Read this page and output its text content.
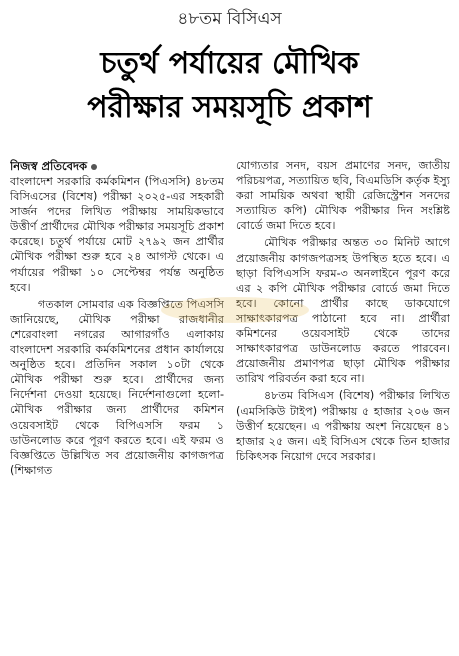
৪৮তম বিসিএস
চতুর্থ পর্যায়ের মৌখিক
পরীক্ষার সময়সূচি প্রকাশ
নিজস্ব প্রতিবেদক

বাংলাদেশ সরকারি কর্মকমিশন (পিএসসি) ৪৮তম বিসিএসের (বিশেষ) পরীক্ষা ২০২৫-এর সহকারী সার্জন পদের লিখিত পরীক্ষায় সাময়িকভাবে উত্তীর্ণ প্রার্থীদের মৌখিক পরীক্ষার সময়সূচি প্রকাশ করেছে। চতুর্থ পর্যায়ে মোট ২৭৯২ জন প্রার্থীর মৌখিক পরীক্ষা শুরু হবে ২৪ আগস্ট থেকে। এ পর্যায়ের পরীক্ষা ১০ সেপ্টেম্বর পর্যন্ত অনুষ্ঠিত হবে।

গতকাল সোমবার এক বিজ্ঞপ্তিতে পিএসসি জানিয়েছে, মৌখিক পরীক্ষা রাজধানীর শেরেবাংলা নগরের আগারগাঁও এলাকায় বাংলাদেশ সরকারি কর্মকমিশনের প্রধান কার্যালয়ে অনুষ্ঠিত হবে। প্রতিদিন সকাল ১০টা থেকে মৌখিক পরীক্ষা শুরু হবে। প্রার্থীদের জন্য নির্দেশনা দেওয়া হয়েছে। নির্দেশনাগুলো হলো- মৌখিক পরীক্ষার জন্য প্রার্থীদের কমিশন ওয়েবসাইট থেকে বিপিএসসি ফরম ১ ডাউনলোড করে পূরণ করতে হবে। এই ফরম ও বিজ্ঞপ্তিতে উল্লিখিত সব প্রয়োজনীয় কাগজপত্র (শিক্ষাগত

যোগ্যতার সনদ, বয়স প্রমাণের সনদ, জাতীয় পরিচয়পত্র, সত্যায়িত ছবি, বিএমডিসি কর্তৃক ইস্যু করা সাময়িক অথবা স্থায়ী রেজিস্ট্রেশন সনদের সত্যায়িত কপি) মৌখিক পরীক্ষার দিন সংশ্লিষ্ট বোর্ডে জমা দিতে হবে।

মৌখিক পরীক্ষার অন্তত ৩০ মিনিট আগে প্রয়োজনীয় কাগজপত্রসহ উপস্থিত হতে হবে। এ ছাড়া বিপিএসসি ফরম-৩ অনলাইনে পূরণ করে এর ২ কপি মৌখিক পরীক্ষার বোর্ডে জমা দিতে হবে। কোনো প্রার্থীর কাছে ডাকযোগে সাক্ষাৎকারপত্র পাঠানো হবে না। প্রার্থীরা কমিশনের ওয়েবসাইট থেকে তাদের সাক্ষাৎকারপত্র ডাউনলোড করতে পারবেন। প্রয়োজনীয় প্রমাণপত্র ছাড়া মৌখিক পরীক্ষার তারিখ পরিবর্তন করা হবে না।

৪৮তম বিসিএস (বিশেষ) পরীক্ষার লিখিত (এমসিকিউ টাইপ) পরীক্ষায় ৫ হাজার ২০৬ জন উত্তীর্ণ হয়েছেন। এ পরীক্ষায় অংশ নিয়েছেন ৪১ হাজার ২৫ জন। এই বিসিএস থেকে তিন হাজার চিকিৎসক নিয়োগ দেবে সরকার।
